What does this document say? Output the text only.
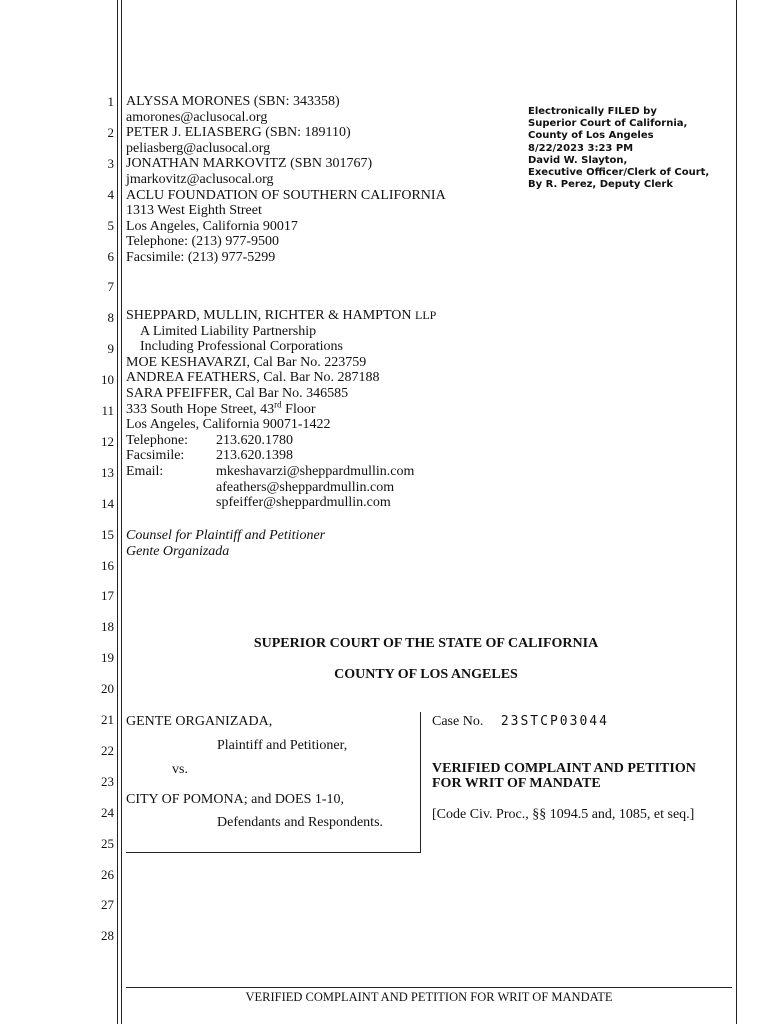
1
2
3
4
5
6
7
8
9
10
11
12
13
14
15
16
17
18
19
20
21
22
23
24
25
26
27
28
ALYSSA MORONES (SBN: 343358)
amorones@aclusocal.org
PETER J. ELIASBERG (SBN: 189110)
peliasberg@aclusocal.org
JONATHAN MARKOVITZ (SBN 301767)
jmarkovitz@aclusocal.org
ACLU FOUNDATION OF SOUTHERN CALIFORNIA
1313 West Eighth Street
Los Angeles, California 90017
Telephone: (213) 977-9500
Facsimile: (213) 977-5299
Electronically FILED by
Superior Court of California,
County of Los Angeles
8/22/2023 3:23 PM
David W. Slayton,
Executive Officer/Clerk of Court,
By R. Perez, Deputy Clerk
SHEPPARD, MULLIN, RICHTER & HAMPTON LLP
A Limited Liability Partnership
Including Professional Corporations
MOE KESHAVARZI, Cal Bar No. 223759
ANDREA FEATHERS, Cal. Bar No. 287188
SARA PFEIFFER, Cal Bar No. 346585
333 South Hope Street, 43rd Floor
Los Angeles, California 90071-1422
Telephone: 213.620.1780
Facsimile: 213.620.1398
Email:	mkeshavarzi@sheppardmullin.com
afeathers@sheppardmullin.com
spfeiffer@sheppardmullin.com
Counsel for Plaintiff and Petitioner
Gente Organizada
SUPERIOR COURT OF THE STATE OF CALIFORNIA
COUNTY OF LOS ANGELES
GENTE ORGANIZADA,
Plaintiff and Petitioner,
vs.
CITY OF POMONA; and DOES 1-10,
Defendants and Respondents.
Case No. 23STCP03044
VERIFIED COMPLAINT AND PETITION
FOR WRIT OF MANDATE
[Code Civ. Proc., §§ 1094.5 and, 1085, et seq.]
VERIFIED COMPLAINT AND PETITION FOR WRIT OF MANDATE
